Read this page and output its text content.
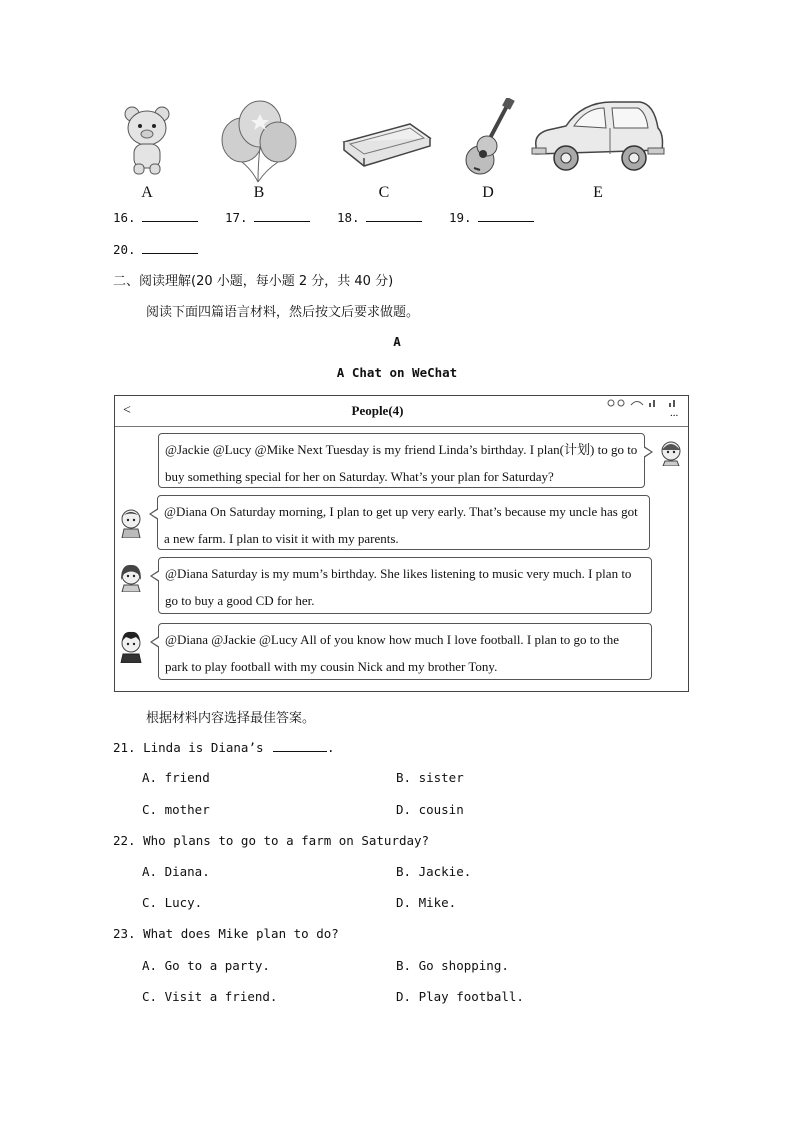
A	B	C	D	E
16.	17.	18.	19.
20.
二、阅读理解(20 小题，每小题 2 分，共 40 分)
阅读下面四篇语言材料，然后按文后要求做题。
A
A Chat on WeChat
<	People(4)	...
@Jackie @Lucy @Mike Next Tuesday is my friend Linda’s birthday. I plan(计划) to go to buy something special for her on Saturday. What’s your plan for Saturday?
@Diana On Saturday morning, I plan to get up very early. That’s because my uncle has got a new farm. I plan to visit it with my parents.
@Diana Saturday is my mum’s birthday. She likes listening to music very much. I plan to go to buy a good CD for her.
@Diana @Jackie @Lucy All of you know how much I love football. I plan to go to the park to play football with my cousin Nick and my brother Tony.
根据材料内容选择最佳答案。
21. Linda is Diana’s	.
A. friend	B. sister
C. mother	D. cousin
22. Who plans to go to a farm on Saturday?
A. Diana.	B. Jackie.
C. Lucy.	D. Mike.
23. What does Mike plan to do?
A. Go to a party.	B. Go shopping.
C. Visit a friend.	D. Play football.
